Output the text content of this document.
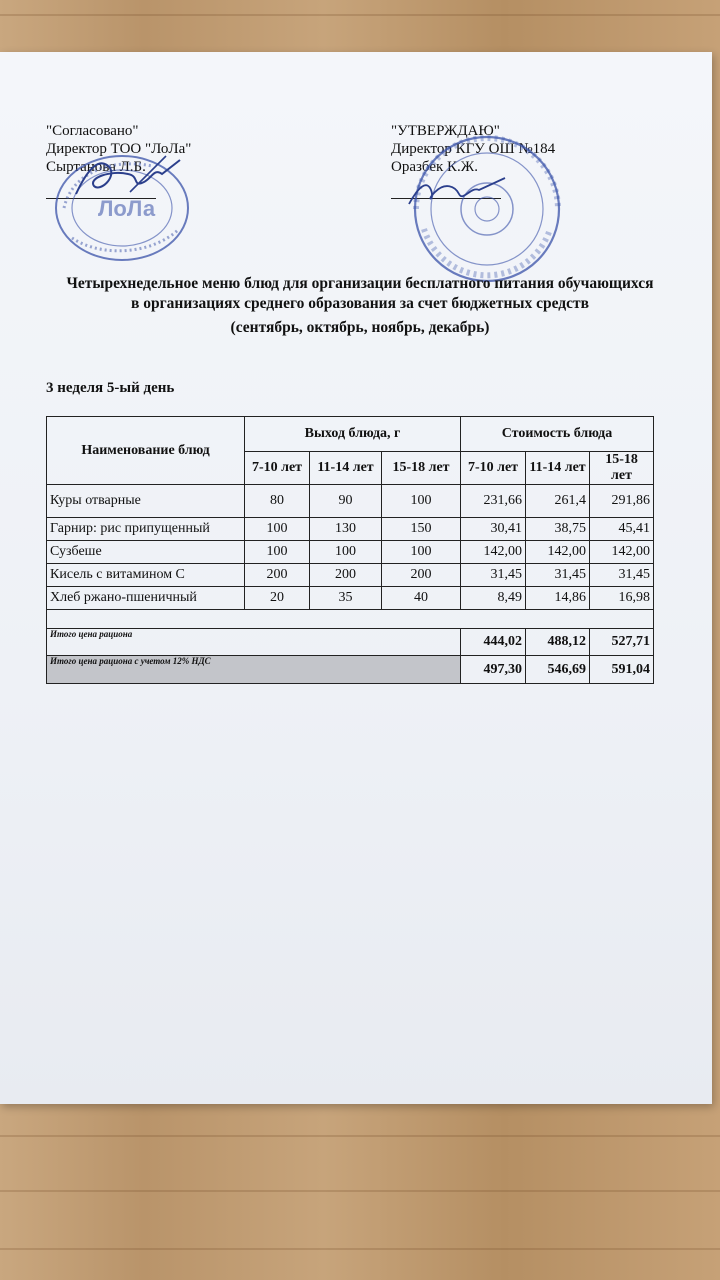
"Согласовано"
Директор ТОО "ЛоЛа"
Сыртанова Л.Б.
ЛоЛа
"УТВЕРЖДАЮ"
Директор КГУ ОШ №184
Оразбек К.Ж.
Четырехнедельное меню блюд для организации бесплатного питания обучающихся
в организациях среднего образования за счет бюджетных средств
(сентябрь, октябрь, ноябрь, декабрь)
3 неделя 5-ый день
Наименование блюд	Выход блюда, г			Стоимость блюда		
	7-10 лет	11-14 лет	15-18 лет	7-10 лет	11-14 лет	15-18 лет
Куры отварные	80	90	100	231,66	261,4	291,86
Гарнир: рис припущенный	100	130	150	30,41	38,75	45,41
Сузбеше	100	100	100	142,00	142,00	142,00
Кисель с витамином С	200	200	200	31,45	31,45	31,45
Хлеб ржано-пшеничный	20	35	40	8,49	14,86	16,98

Итого цена рациона				444,02	488,12	527,71
Итого цена рациона с учетом 12% НДС				497,30	546,69	591,04
